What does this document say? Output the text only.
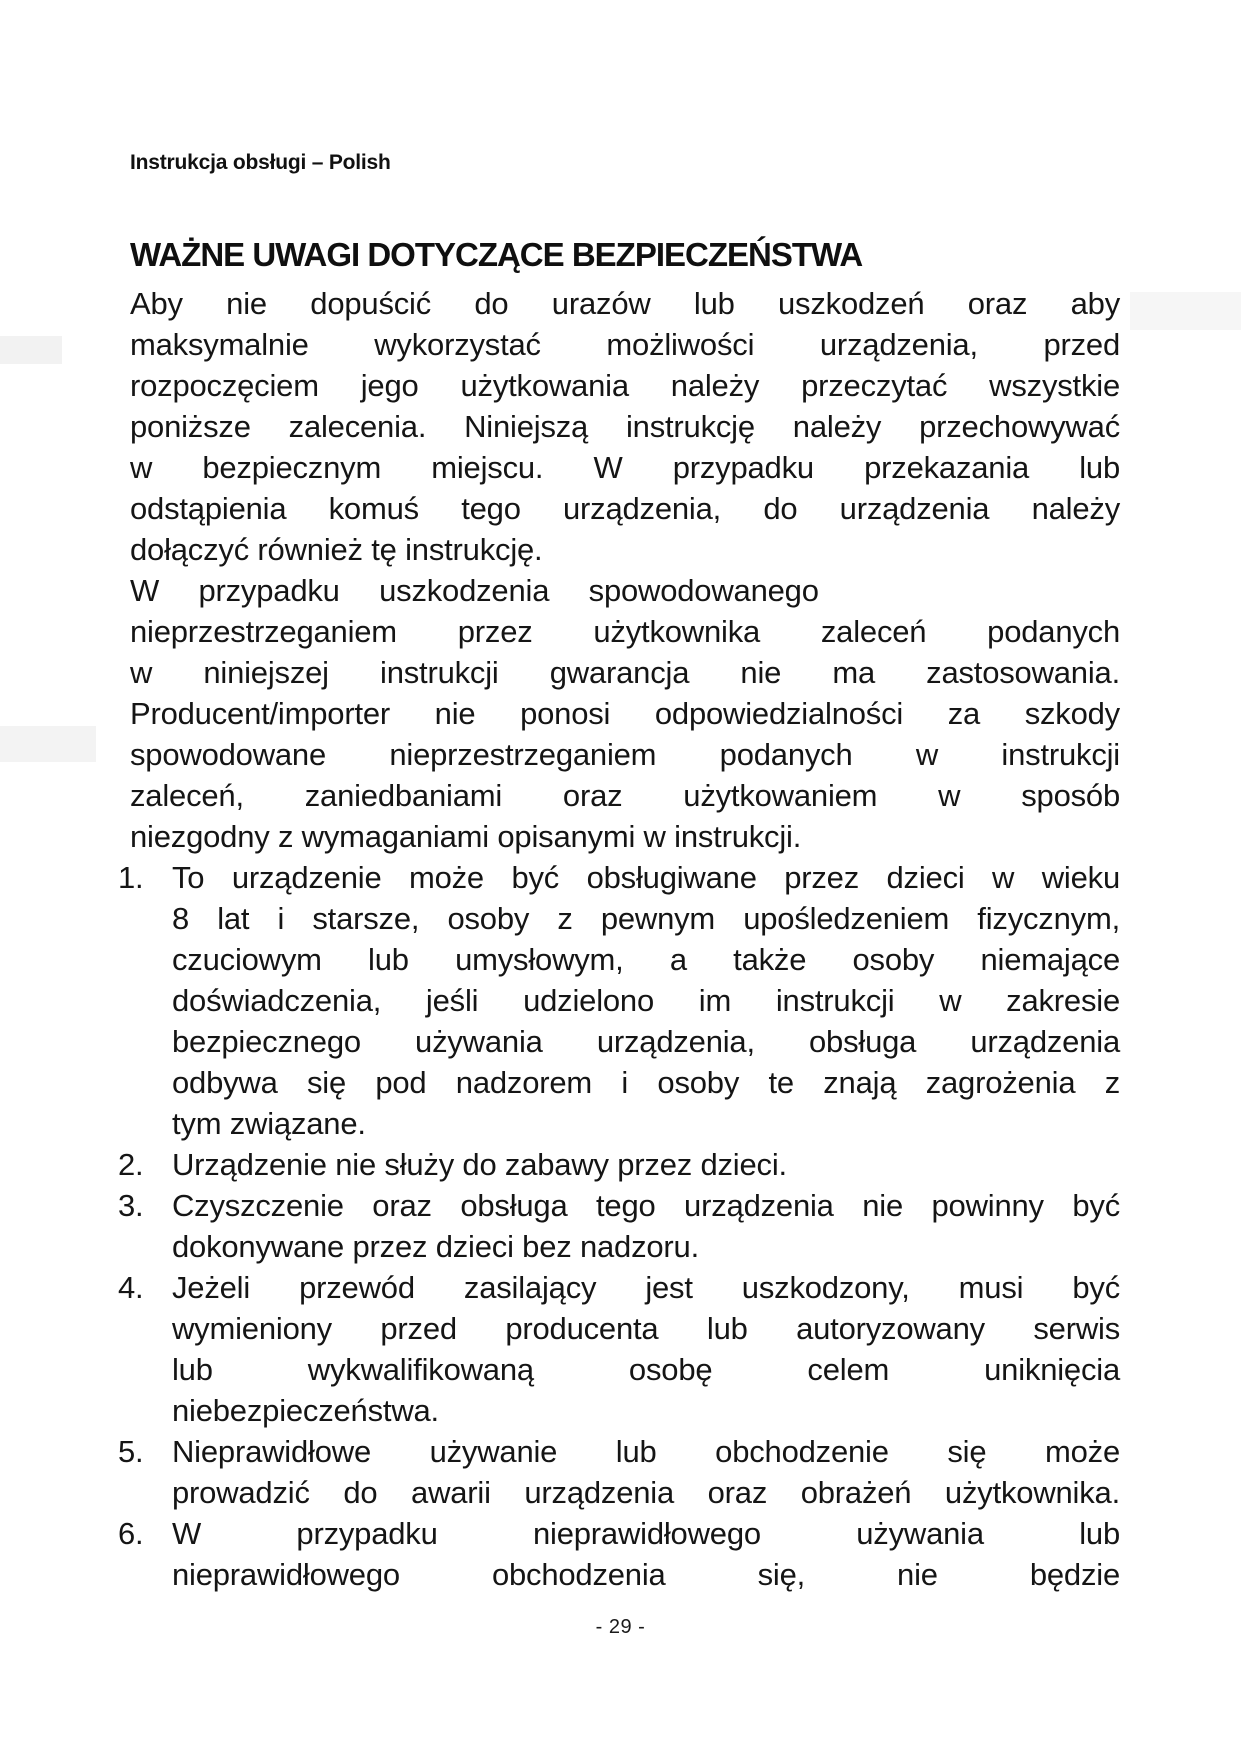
Instrukcja obsługi – Polish
WAŻNE UWAGI DOTYCZĄCE BEZPIECZEŃSTWA
Aby nie dopuścić do urazów lub uszkodzeń oraz aby
maksymalnie wykorzystać możliwości urządzenia, przed
rozpoczęciem jego użytkowania należy przeczytać wszystkie
poniższe zalecenia. Niniejszą instrukcję należy przechowywać
w bezpiecznym miejscu. W przypadku przekazania lub
odstąpienia komuś tego urządzenia, do urządzenia należy
dołączyć również tę instrukcję.
W przypadku uszkodzenia spowodowanego
nieprzestrzeganiem przez użytkownika zaleceń podanych
w niniejszej instrukcji gwarancja nie ma zastosowania.
Producent/importer nie ponosi odpowiedzialności za szkody
spowodowane nieprzestrzeganiem podanych w instrukcji
zaleceń, zaniedbaniami oraz użytkowaniem w sposób
niezgodny z wymaganiami opisanymi w instrukcji.
1. To urządzenie może być obsługiwane przez dzieci w wieku
8 lat i starsze, osoby z pewnym upośledzeniem fizycznym,
czuciowym lub umysłowym, a także osoby niemające
doświadczenia, jeśli udzielono im instrukcji w zakresie
bezpiecznego używania urządzenia, obsługa urządzenia
odbywa się pod nadzorem i osoby te znają zagrożenia z
tym związane.
2. Urządzenie nie służy do zabawy przez dzieci.
3. Czyszczenie oraz obsługa tego urządzenia nie powinny być
dokonywane przez dzieci bez nadzoru.
4. Jeżeli przewód zasilający jest uszkodzony, musi być
wymieniony przed producenta lub autoryzowany serwis
lub wykwalifikowaną osobę celem uniknięcia
niebezpieczeństwa.
5. Nieprawidłowe używanie lub obchodzenie się może
prowadzić do awarii urządzenia oraz obrażeń użytkownika.
6. W przypadku nieprawidłowego używania lub
nieprawidłowego obchodzenia się, nie będzie
- 29 -
